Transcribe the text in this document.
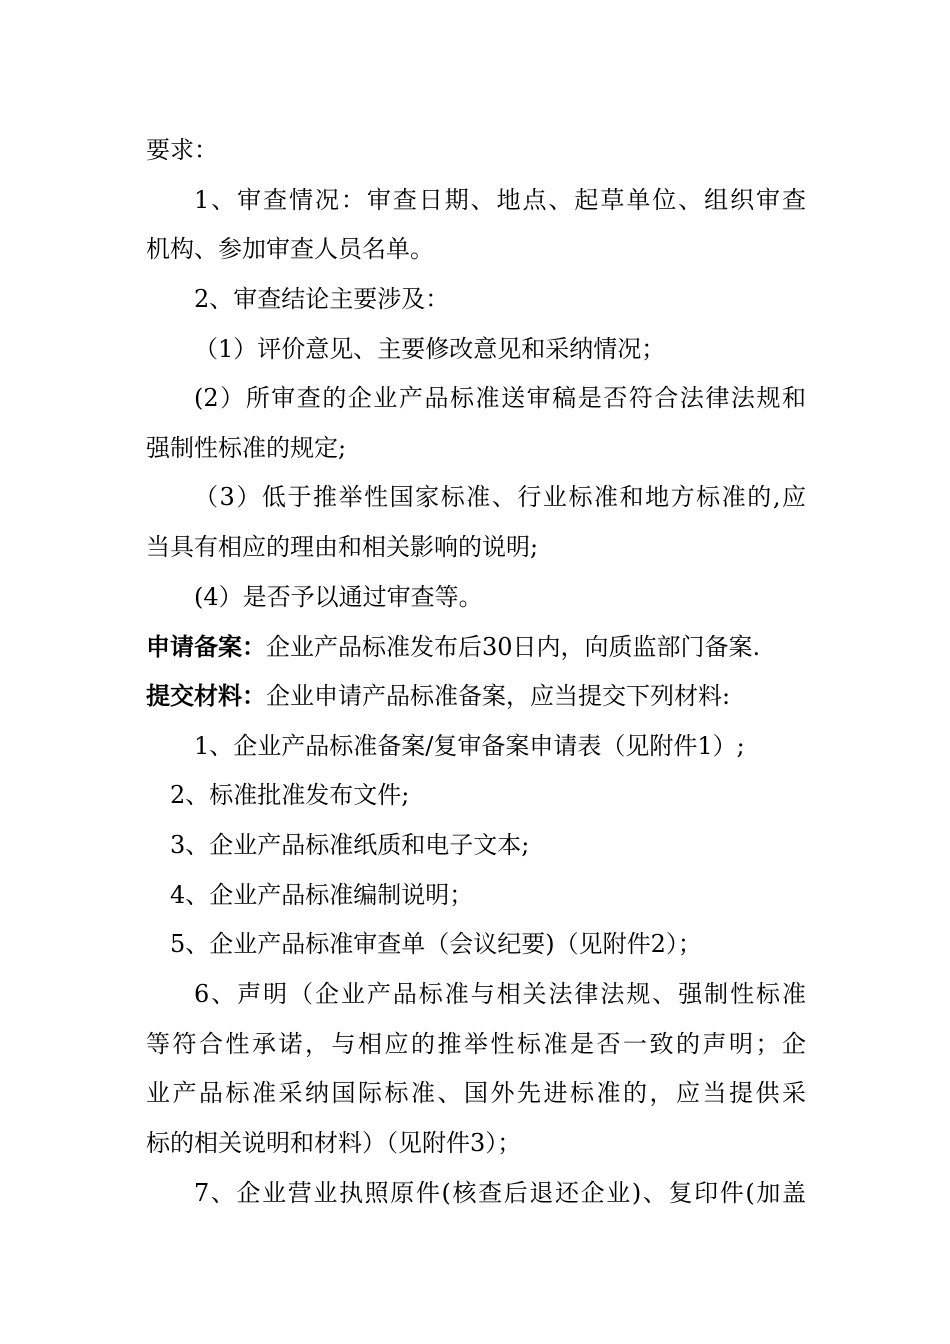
要求：
1、审查情况：审查日期、地点、起草单位、组织审查
机构、参加审查人员名单。
2、审查结论主要涉及：
（1）评价意见、主要修改意见和采纳情况；
(2）所审查的企业产品标准送审稿是否符合法律法规和
强制性标准的规定;
（3）低于推举性国家标准、行业标准和地方标准的,应
当具有相应的理由和相关影响的说明;
(4）是否予以通过审查等。
申请备案：企业产品标准发布后30日内，向质监部门备案.
提交材料：企业申请产品标准备案，应当提交下列材料:
1、企业产品标准备案/复审备案申请表（见附件1）;
2、标准批准发布文件;
3、企业产品标准纸质和电子文本;
4、企业产品标准编制说明；
5、企业产品标准审查单（会议纪要)（见附件2）；
6、声明（企业产品标准与相关法律法规、强制性标准
等符合性承诺，与相应的推举性标准是否一致的声明；企
业产品标准采纳国际标准、国外先进标准的，应当提供采
标的相关说明和材料）（见附件3）；
7、企业营业执照原件(核查后退还企业)、复印件(加盖
